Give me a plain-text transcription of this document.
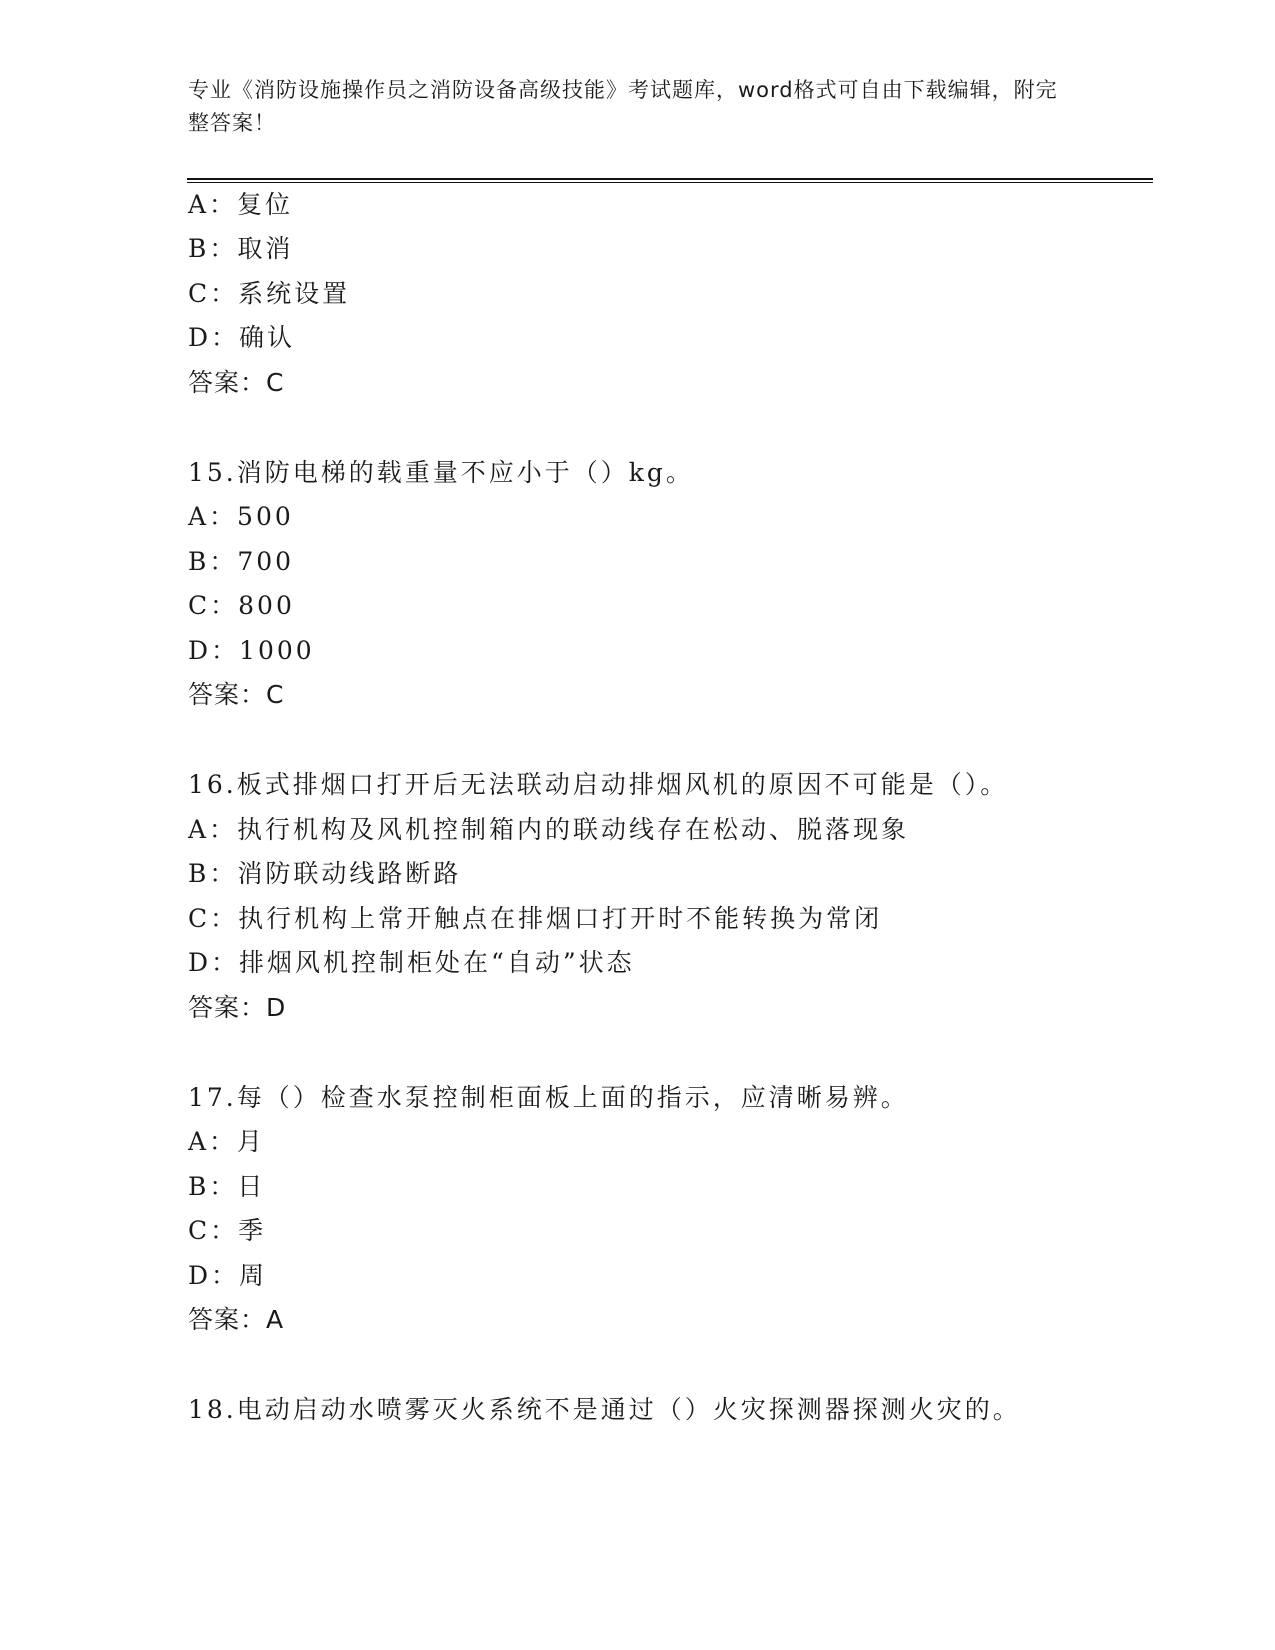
专业《消防设施操作员之消防设备高级技能》考试题库，word格式可自由下载编辑，附完整答案！
A：复位
B：取消
C：系统设置
D：确认
答案：C
15.消防电梯的载重量不应小于（）kg。
A：500
B：700
C：800
D：1000
答案：C
16.板式排烟口打开后无法联动启动排烟风机的原因不可能是（）。
A：执行机构及风机控制箱内的联动线存在松动、脱落现象
B：消防联动线路断路
C：执行机构上常开触点在排烟口打开时不能转换为常闭
D：排烟风机控制柜处在“自动”状态
答案：D
17.每（）检查水泵控制柜面板上面的指示，应清晰易辨。
A：月
B：日
C：季
D：周
答案：A
18.电动启动水喷雾灭火系统不是通过（）火灾探测器探测火灾的。
